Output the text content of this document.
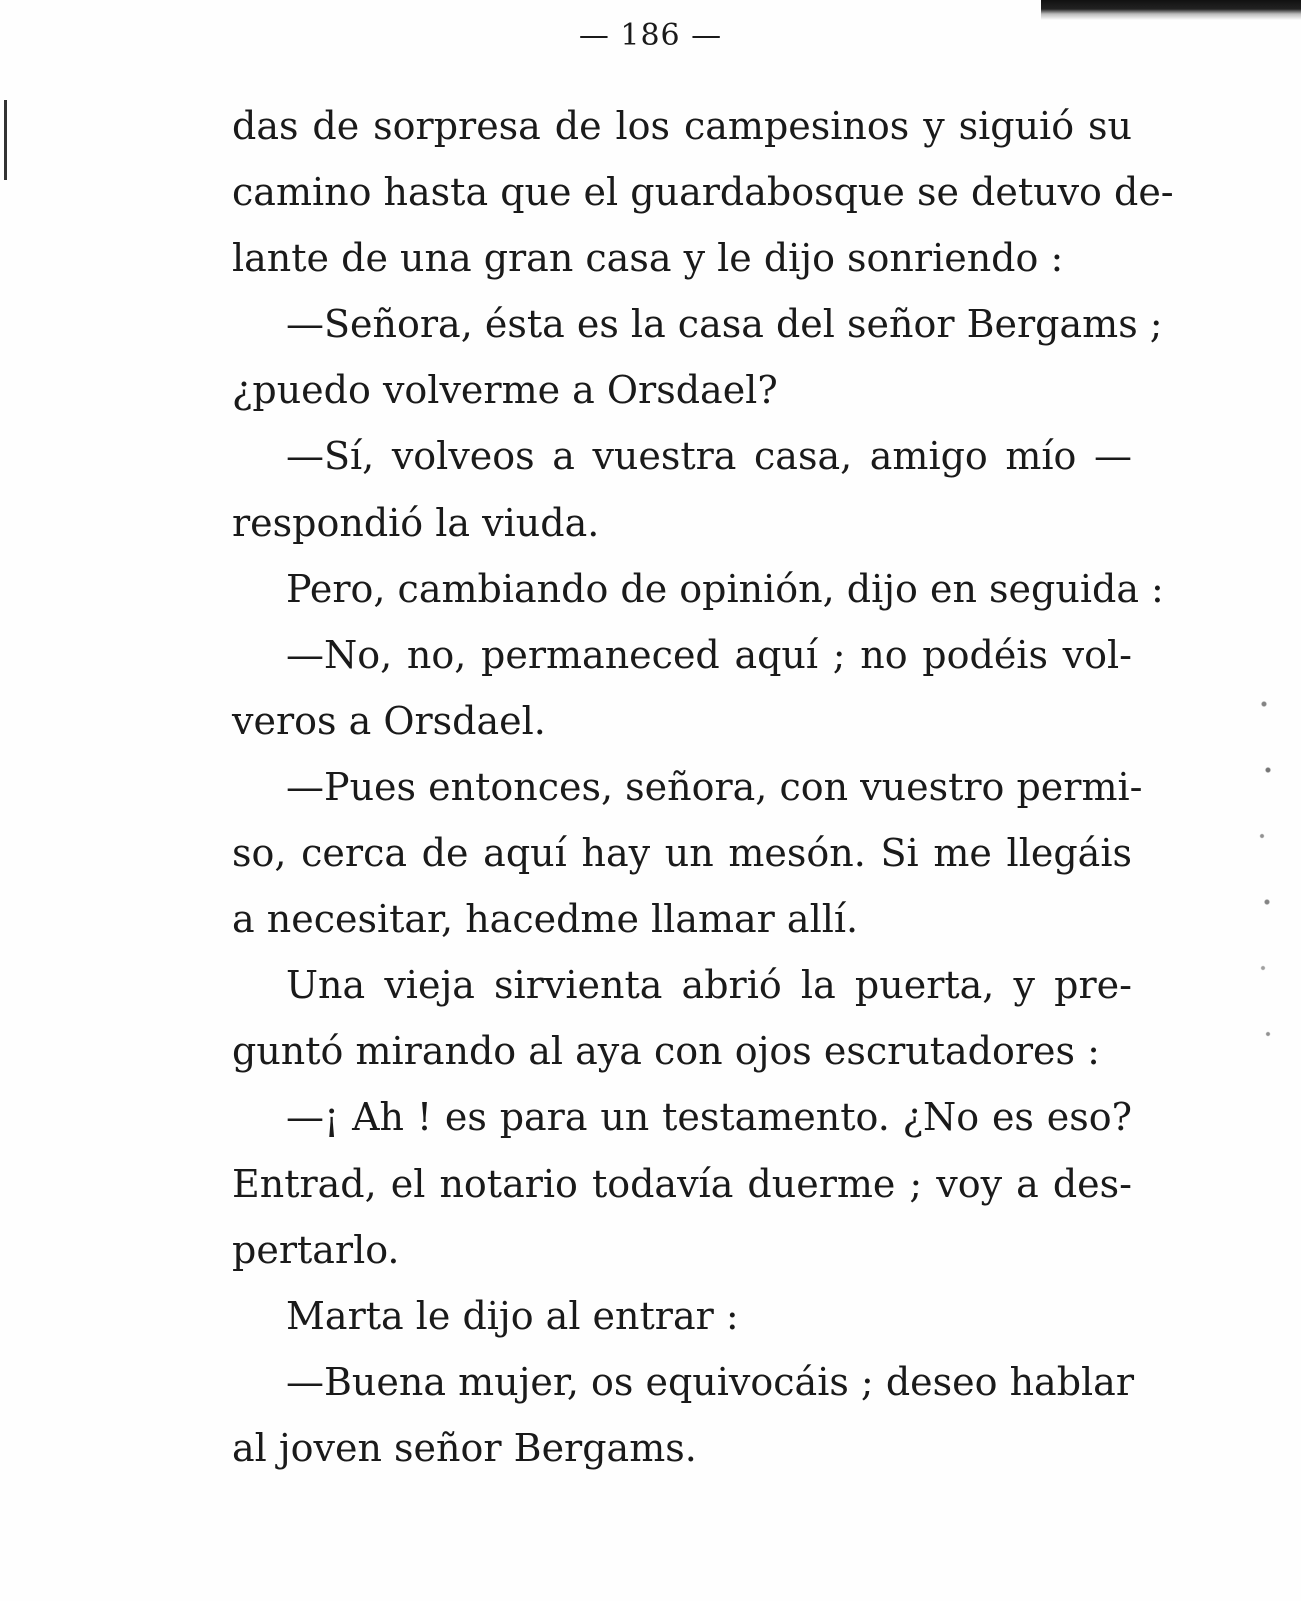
— 186 —
das de sorpresa de los campesinos y siguió su
camino hasta que el guardabosque se detuvo de-
lante de una gran casa y le dijo sonriendo :
—Señora, ésta es la casa del señor Bergams ;
¿puedo volverme a Orsdael?
—Sí, volveos a vuestra casa, amigo mío —
respondió la viuda.
Pero, cambiando de opinión, dijo en seguida :
—No, no, permaneced aquí ; no podéis vol-
veros a Orsdael.
—Pues entonces, señora, con vuestro permi-
so, cerca de aquí hay un mesón. Si me llegáis
a necesitar, hacedme llamar allí.
Una vieja sirvienta abrió la puerta, y pre-
guntó mirando al aya con ojos escrutadores :
—¡ Ah ! es para un testamento. ¿No es eso?
Entrad, el notario todavía duerme ; voy a des-
pertarlo.
Marta le dijo al entrar :
—Buena mujer, os equivocáis ; deseo hablar
al joven señor Bergams.
